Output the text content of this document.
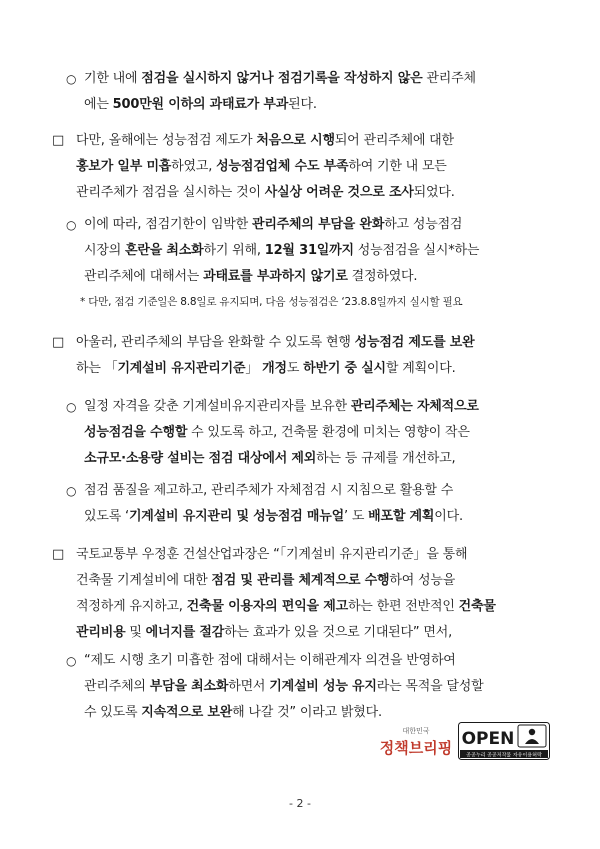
○ 기한 내에 점검을 실시하지 않거나 점검기록을 작성하지 않은 관리주체
에는 500만원 이하의 과태료가 부과된다.
□ 다만, 올해에는 성능점검 제도가 처음으로 시행되어 관리주체에 대한
홍보가 일부 미흡하였고, 성능점검업체 수도 부족하여 기한 내 모든
관리주체가 점검을 실시하는 것이 사실상 어려운 것으로 조사되었다.
○ 이에 따라, 점검기한이 임박한 관리주체의 부담을 완화하고 성능점검
시장의 혼란을 최소화하기 위해, 12월 31일까지 성능점검을 실시*하는
관리주체에 대해서는 과태료를 부과하지 않기로 결정하였다.
* 다만, 점검 기준일은 8.8일로 유지되며, 다음 성능점검은 ‘23.8.8일까지 실시할 필요
□ 아울러, 관리주체의 부담을 완화할 수 있도록 현행 성능점검 제도를 보완
하는 「기계설비 유지관리기준」 개정도 하반기 중 실시할 계획이다.
○ 일정 자격을 갖춘 기계설비유지관리자를 보유한 관리주체는 자체적으로
성능점검을 수행할 수 있도록 하고, 건축물 환경에 미치는 영향이 작은
소규모·소용량 설비는 점검 대상에서 제외하는 등 규제를 개선하고,
○ 점검 품질을 제고하고, 관리주체가 자체점검 시 지침으로 활용할 수
있도록 ‘기계설비 유지관리 및 성능점검 매뉴얼’ 도 배포할 계획이다.
□ 국토교통부 우정훈 건설산업과장은 “「기계설비 유지관리기준」을 통해
건축물 기계설비에 대한 점검 및 관리를 체계적으로 수행하여 성능을
적정하게 유지하고, 건축물 이용자의 편익을 제고하는 한편 전반적인 건축물
관리비용 및 에너지를 절감하는 효과가 있을 것으로 기대된다” 면서,
○ “제도 시행 초기 미흡한 점에 대해서는 이해관계자 의견을 반영하여
관리주체의 부담을 최소화하면서 기계설비 성능 유지라는 목적을 달성할
수 있도록 지속적으로 보완해 나갈 것” 이라고 밝혔다.
대한민국
정책브리핑 OPEN
공공누리 공공저작물 자유이용허락
- 2 -
